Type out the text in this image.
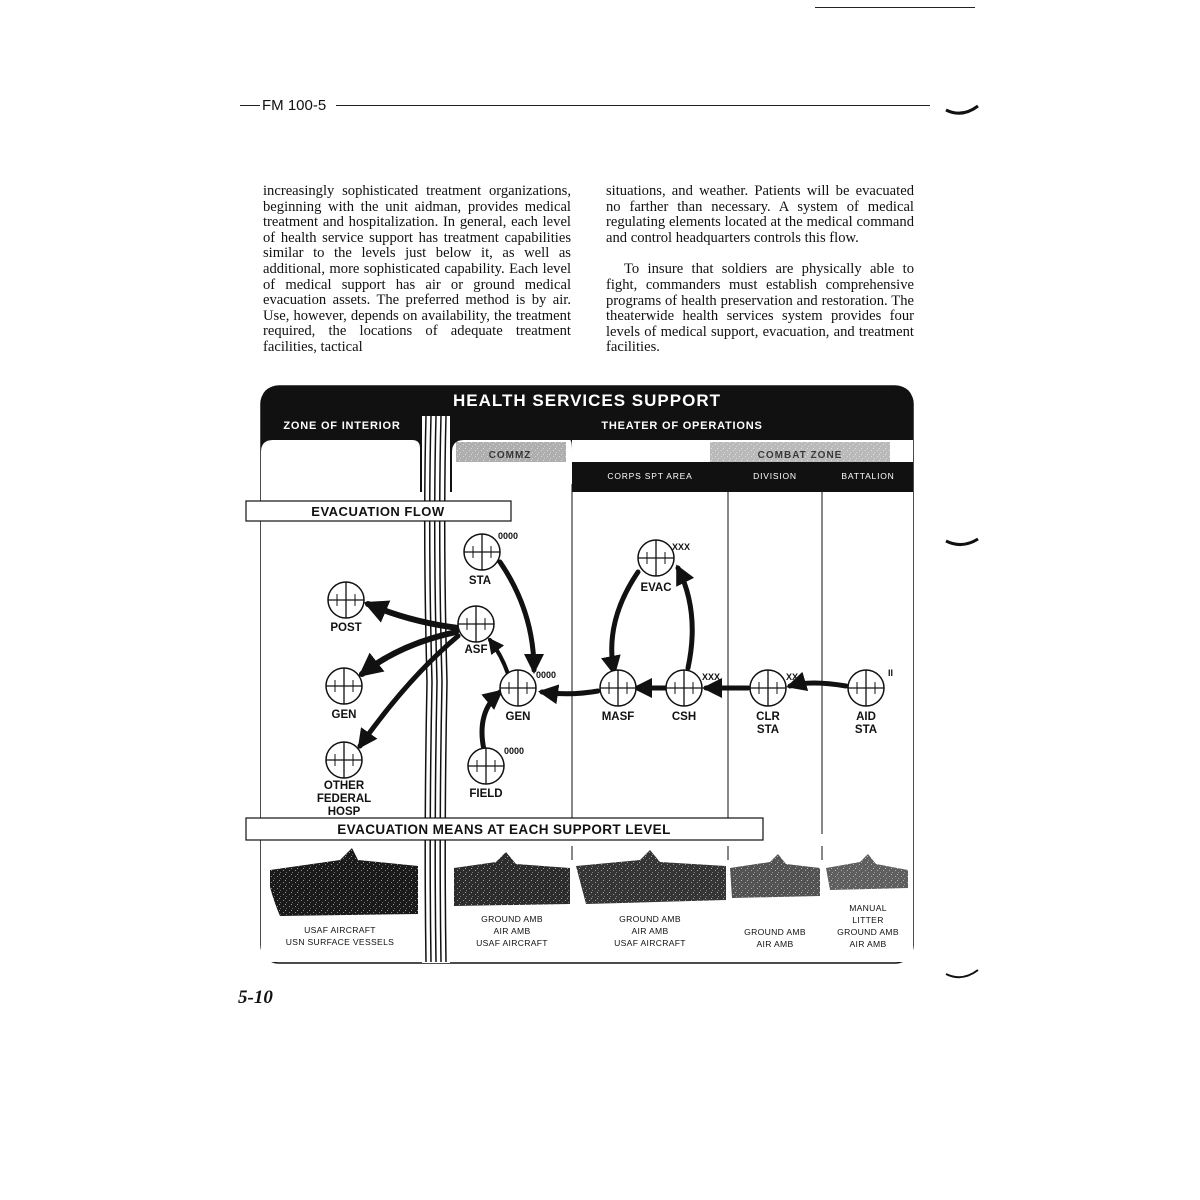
FM 100-5

increasingly sophisticated treatment organizations, beginning with the unit aidman, provides medical treatment and hospitalization. In general, each level of health service support has treatment capabilities similar to the levels just below it, as well as additional, more sophisticated capability. Each level of medical support has air or ground medical evacuation assets. The preferred method is by air. Use, however, depends on availability, the treatment required, the locations of adequate treatment facilities, tactical

situations, and weather. Patients will be evacuated no farther than necessary. A system of medical regulating elements located at the medical command and control headquarters controls this flow.

To insure that soldiers are physically able to fight, commanders must establish comprehensive programs of health preservation and restoration. The theaterwide health services system provides four levels of medical support, evacuation, and treatment facilities.

HEALTH SERVICES SUPPORT
ZONE OF INTERIOR	THEATER OF OPERATIONS
COMMZ	COMBAT ZONE
CORPS SPT AREA	DIVISION	BATTALION
EVACUATION FLOW
POST
GEN
OTHER
FEDERAL
HOSP
0000
STA
ASF
0000
GEN
0000
FIELD
XXX
EVAC
MASF
XXX
CSH
XX
CLR
STA
II
AID
STA
EVACUATION MEANS AT EACH SUPPORT LEVEL
USAF AIRCRAFT
USN SURFACE VESSELS
GROUND AMB
AIR AMB
USAF AIRCRAFT
GROUND AMB
AIR AMB
USAF AIRCRAFT
GROUND AMB
AIR AMB
MANUAL
LITTER
GROUND AMB
AIR AMB
5-10
